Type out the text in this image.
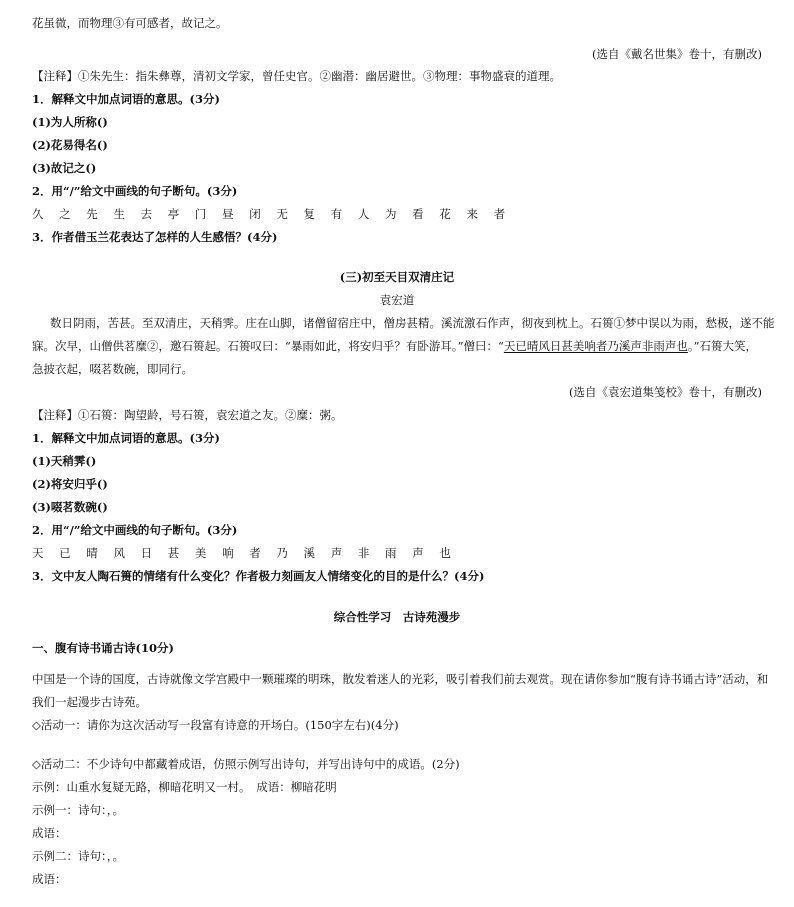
花虽微，而物理③有可感者，故记之。
(选自《戴名世集》卷十，有删改)
【注释】①朱先生：指朱彝尊，清初文学家，曾任史官。②幽潜：幽居避世。③物理：事物盛衰的道理。
1．解释文中加点词语的意思。(3分)
(1)为人所称()
(2)花易得名()
(3)故记之()
2．用“/”给文中画线的句子断句。(3分)
久 之 先 生 去 亭 门 昼 闭 无 复 有 人 为 看 花 来 者
3．作者借玉兰花表达了怎样的人生感悟？(4分)
(三)初至天目双清庄记
袁宏道
数日阴雨，苦甚。至双清庄，天稍霁。庄在山脚，诸僧留宿庄中，僧房甚精。溪流激石作声，彻夜到枕上。石篑①梦中误以为雨，愁极，遂不能
寐。次早，山僧供茗糜②，邀石篑起。石篑叹曰：“暴雨如此，将安归乎？有卧游耳。”僧曰：“天已晴风日甚美响者乃溪声非雨声也。”石篑大笑，
急披衣起，啜茗数碗，即同行。
(选自《袁宏道集笺校》卷十，有删改)
【注释】①石篑：陶望龄，号石篑，袁宏道之友。②糜：粥。
1．解释文中加点词语的意思。(3分)
(1)天稍霁()
(2)将安归乎()
(3)啜茗数碗()
2．用“/”给文中画线的句子断句。(3分)
天 已 晴 风 日 甚 美 响 者 乃 溪 声 非 雨 声 也
3．文中友人陶石篑的情绪有什么变化？作者极力刻画友人情绪变化的目的是什么？(4分)
综合性学习　古诗苑漫步
一、腹有诗书诵古诗(10分)
中国是一个诗的国度，古诗就像文学宫殿中一颗璀璨的明珠，散发着迷人的光彩，吸引着我们前去观赏。现在请你参加“腹有诗书诵古诗”活动，和
我们一起漫步古诗苑。
◇活动一：请你为这次活动写一段富有诗意的开场白。(150字左右)(4分)
◇活动二：不少诗句中都藏着成语，仿照示例写出诗句，并写出诗句中的成语。(2分)
示例：山重水复疑无路，柳暗花明又一村。　成语：柳暗花明
示例一：诗句：，。
成语：
示例二：诗句：，。
成语：
